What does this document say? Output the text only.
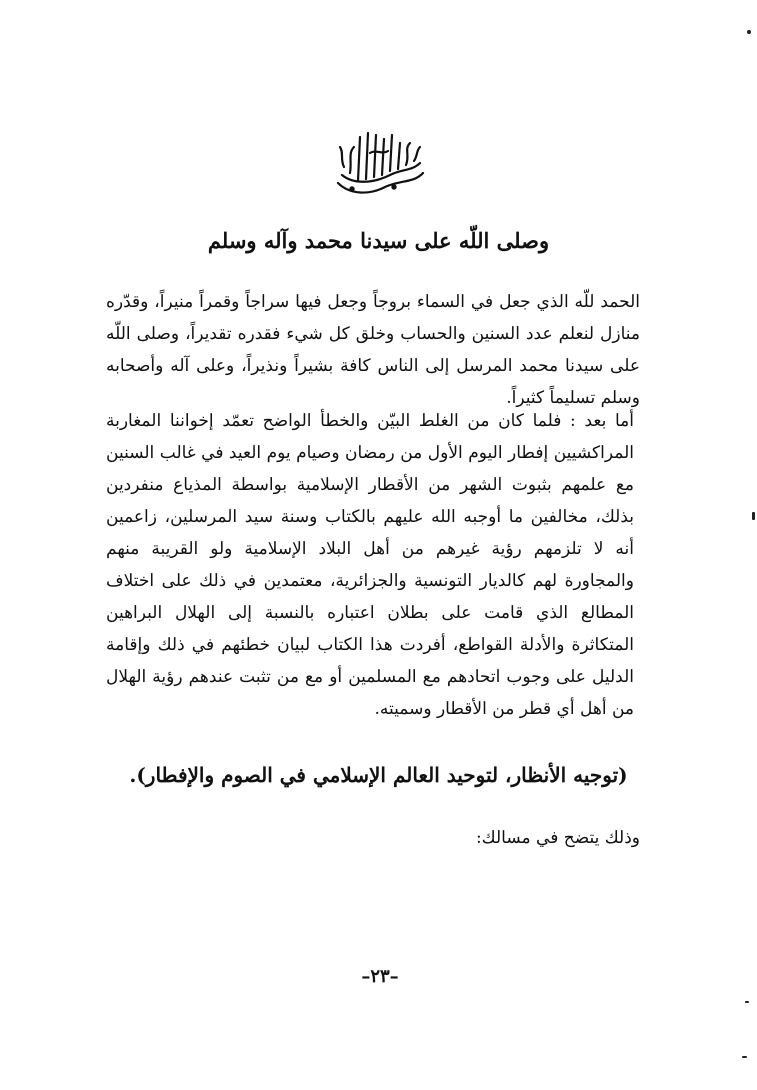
وصلى اللّه على سيدنا محمد وآله وسلم

الحمد للّه الذي جعل في السماء بروجاً وجعل فيها سراجاً وقمراً منيراً، وقدّره منازل لنعلم عدد السنين والحساب وخلق كل شيء فقدره تقديراً، وصلى اللّه على سيدنا محمد المرسل إلى الناس كافة بشيراً ونذيراً، وعلى آله وأصحابه وسلم تسليماً كثيراً.

أما بعد : فلما كان من الغلط البيّن والخطأ الواضح تعمّد إخواننا المغاربة المراكشيين إفطار اليوم الأول من رمضان وصيام يوم العيد في غالب السنين مع علمهم بثبوت الشهر من الأقطار الإسلامية بواسطة المذياع منفردين بذلك، مخالفين ما أوجبه الله عليهم بالكتاب وسنة سيد المرسلين، زاعمين أنه لا تلزمهم رؤية غيرهم من أهل البلاد الإسلامية ولو القريبة منهم والمجاورة لهم كالديار التونسية والجزائرية، معتمدين في ذلك على اختلاف المطالع الذي قامت على بطلان اعتباره بالنسبة إلى الهلال البراهين المتكاثرة والأدلة القواطع، أفردت هذا الكتاب لبيان خطئهم في ذلك وإقامة الدليل على وجوب اتحادهم مع المسلمين أو مع من تثبت عندهم رؤية الهلال من أهل أي قطر من الأقطار وسميته.

(توجيه الأنظار، لتوحيد العالم الإسلامي في الصوم والإفطار).
وذلك يتضح في مسالك:
–٢٣–
